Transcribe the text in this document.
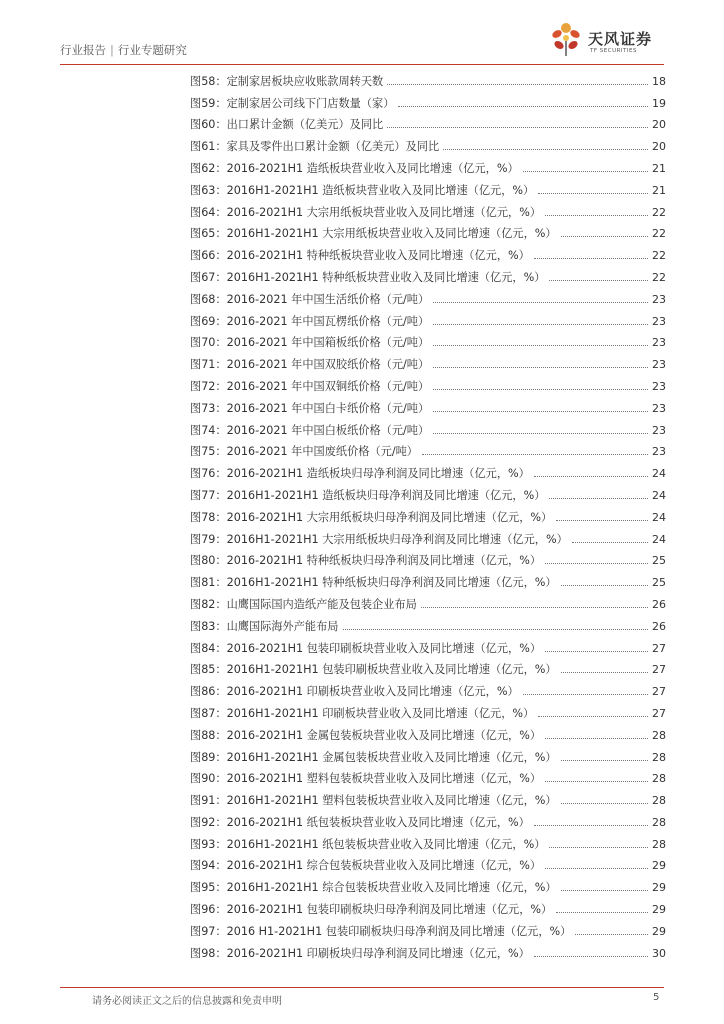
行业报告 | 行业专题研究
天风证券
TF SECURITIES
图58：定制家居板块应收账款周转天数	18
图59：定制家居公司线下门店数量（家）	19
图60：出口累计金额（亿美元）及同比	20
图61：家具及零件出口累计金额（亿美元）及同比	20
图62：2016-2021H1 造纸板块营业收入及同比增速（亿元，%）	21
图63：2016H1-2021H1 造纸板块营业收入及同比增速（亿元，%）	21
图64：2016-2021H1 大宗用纸板块营业收入及同比增速（亿元，%）	22
图65：2016H1-2021H1 大宗用纸板块营业收入及同比增速（亿元，%）	22
图66：2016-2021H1 特种纸板块营业收入及同比增速（亿元，%）	22
图67：2016H1-2021H1 特种纸板块营业收入及同比增速（亿元，%）	22
图68：2016-2021 年中国生活纸价格（元/吨）	23
图69：2016-2021 年中国瓦楞纸价格（元/吨）	23
图70：2016-2021 年中国箱板纸价格（元/吨）	23
图71：2016-2021 年中国双胶纸价格（元/吨）	23
图72：2016-2021 年中国双铜纸价格（元/吨）	23
图73：2016-2021 年中国白卡纸价格（元/吨）	23
图74：2016-2021 年中国白板纸价格（元/吨）	23
图75：2016-2021 年中国废纸价格（元/吨）	23
图76：2016-2021H1 造纸板块归母净利润及同比增速（亿元，%）	24
图77：2016H1-2021H1 造纸板块归母净利润及同比增速（亿元，%）	24
图78：2016-2021H1 大宗用纸板块归母净利润及同比增速（亿元，%）	24
图79：2016H1-2021H1 大宗用纸板块归母净利润及同比增速（亿元，%）	24
图80：2016-2021H1 特种纸板块归母净利润及同比增速（亿元，%）	25
图81：2016H1-2021H1 特种纸板块归母净利润及同比增速（亿元，%）	25
图82：山鹰国际国内造纸产能及包装企业布局	26
图83：山鹰国际海外产能布局	26
图84：2016-2021H1 包装印刷板块营业收入及同比增速（亿元，%）	27
图85：2016H1-2021H1 包装印刷板块营业收入及同比增速（亿元，%）	27
图86：2016-2021H1 印刷板块营业收入及同比增速（亿元，%）	27
图87：2016H1-2021H1 印刷板块营业收入及同比增速（亿元，%）	27
图88：2016-2021H1 金属包装板块营业收入及同比增速（亿元，%）	28
图89：2016H1-2021H1 金属包装板块营业收入及同比增速（亿元，%）	28
图90：2016-2021H1 塑料包装板块营业收入及同比增速（亿元，%）	28
图91：2016H1-2021H1 塑料包装板块营业收入及同比增速（亿元，%）	28
图92：2016-2021H1 纸包装板块营业收入及同比增速（亿元，%）	28
图93：2016H1-2021H1 纸包装板块营业收入及同比增速（亿元，%）	28
图94：2016-2021H1 综合包装板块营业收入及同比增速（亿元，%）	29
图95：2016H1-2021H1 综合包装板块营业收入及同比增速（亿元，%）	29
图96：2016-2021H1 包装印刷板块归母净利润及同比增速（亿元，%）	29
图97：2016 H1-2021H1 包装印刷板块归母净利润及同比增速（亿元，%）	29
图98：2016-2021H1 印刷板块归母净利润及同比增速（亿元，%）	30
请务必阅读正文之后的信息披露和免责申明	5
